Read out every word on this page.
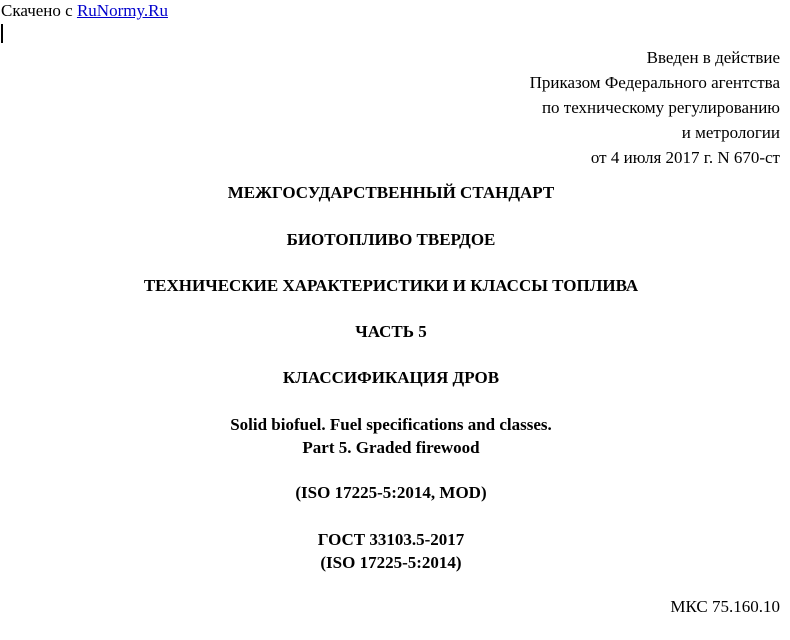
Скачено с RuNormy.Ru
Введен в действие
Приказом Федерального агентства
по техническому регулированию
и метрологии
от 4 июля 2017 г. N 670-ст
МЕЖГОСУДАРСТВЕННЫЙ СТАНДАРТ
БИОТОПЛИВО ТВЕРДОЕ
ТЕХНИЧЕСКИЕ ХАРАКТЕРИСТИКИ И КЛАССЫ ТОПЛИВА
ЧАСТЬ 5
КЛАССИФИКАЦИЯ ДРОВ
Solid biofuel. Fuel specifications and classes.
Part 5. Graded firewood
(ISO 17225-5:2014, MOD)
ГОСТ 33103.5-2017
(ISO 17225-5:2014)
МКС 75.160.10
